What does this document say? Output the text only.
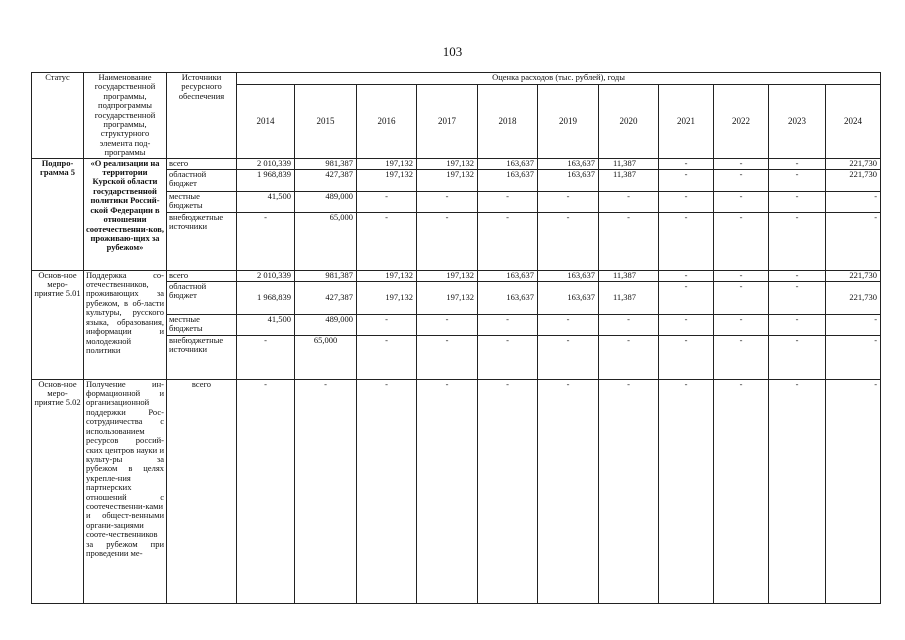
103
Статус	Наименование государственной программы, подпрограммы государственной программы, структурного элемента под-программы	Источники ресурсного обеспечения	Оценка расходов (тыс. рублей), годы										
			2014	2015	2016	2017	2018	2019	2020	2021	2022	2023	2024
Подпро-грамма 5	«О реализации на территории Курской области государственной политики Россий-ской Федерации в отношении соотечественни-ков, проживаю-щих за рубежом»	всего	2 010,339	981,387	197,132	197,132	163,637	163,637	11,387	-	-	-	221,730
		областной бюджет	1 968,839	427,387	197,132	197,132	163,637	163,637	11,387	-	-	-	221,730
		местные бюджеты	41,500	489,000	-	-	-	-	-	-	-	-	-
		внебюджетные источники	-	65,000	-	-	-	-	-	-	-	-	-
Основ-ное меро-приятие 5.01	Поддержка со-отечественников, проживающих за рубежом, в об-ласти культуры, русского языка, образования, информации и молодежной политики	всего	2 010,339	981,387	197,132	197,132	163,637	163,637	11,387	-	-	-	221,730
		областной бюджет	1 968,839	427,387	197,132	197,132	163,637	163,637	11,387	-	-	-	221,730
		местные бюджеты	41,500	489,000	-	-	-	-	-	-	-	-	-
		внебюджетные источники	-	65,000	-	-	-	-	-	-	-	-	-
Основ-ное меро-приятие 5.02	Получение ин-формационной и организационной поддержки Рос-сотрудничества с использованием ресурсов россий-ских центров науки и культу-ры за рубежом в целях укрепле-ния партнерских отношений с соотечественни-ками и общест-венными органи-зациями сооте-чественников за рубежом при проведении ме-	всего	-	-	-	-	-	-	-	-	-	-	-
